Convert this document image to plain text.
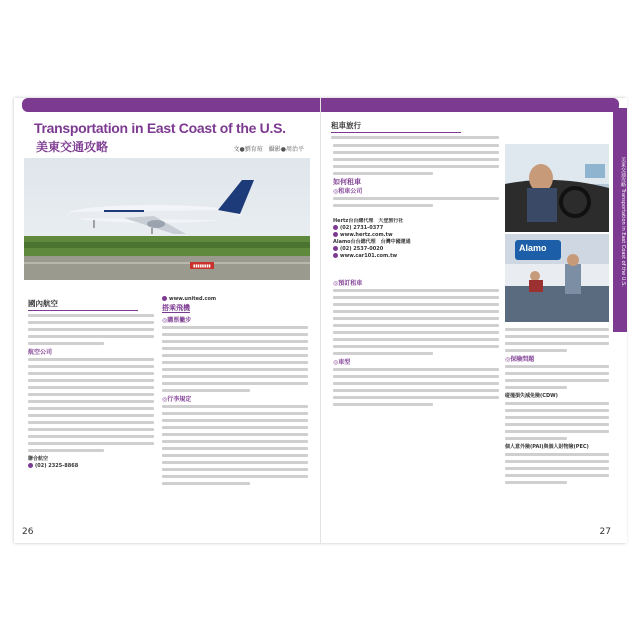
Transportation in East Coast of the U.S.
美東交通攻略	文●劉育瑄　攝影●周治平
▮▮▮▮▮▮▮▮
國內航空
航空公司
聯合航空
(02) 2325-8868
www.united.com
搭乘飛機
◎購票撇步
◎行李規定
26
美東交通攻略 Transportation in East Coast of the U.S.
租車旅行
如何租車
◎租車公司
Hertz台台總代理　大登旅行社
(02) 2731-0377
www.hertz.com.tw
Alamo台台總代理　台灣中國運通
(02) 2537-0020
www.car101.com.tw
◎預訂租車
◎車型
Alamo
◎保險問題
碰撞損失減免險(CDW)
個人意外險(PAI)與個人財物險(PEC)
27
